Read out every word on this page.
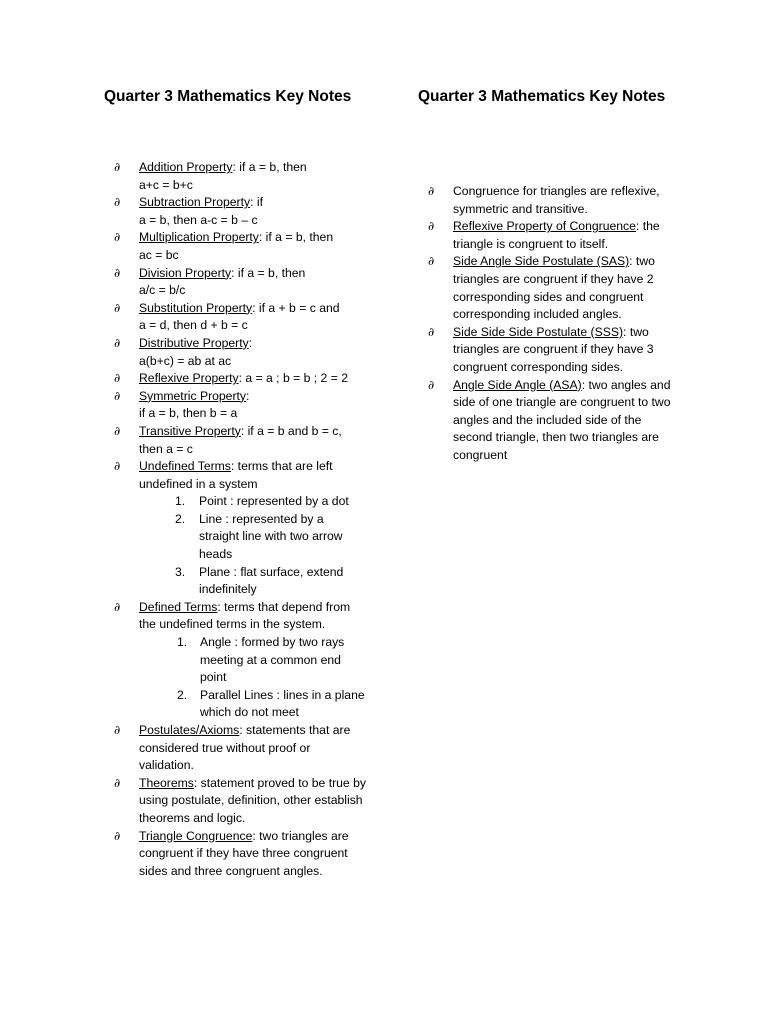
Quarter 3 Mathematics Key Notes
∂ Addition Property: if a = b, then
a+c = b+c
∂ Subtraction Property: if
a = b, then a-c = b – c
∂ Multiplication Property: if a = b, then
ac = bc
∂ Division Property: if a = b, then
a/c = b/c
∂ Substitution Property: if a + b = c and
a = d, then d + b = c
∂ Distributive Property:
a(b+c) = ab at ac
∂ Reflexive Property: a = a ; b = b ; 2 = 2
∂ Symmetric Property:
if a = b, then b = a
∂ Transitive Property: if a = b and b = c,
then a = c
∂ Undefined Terms: terms that are left undefined in a system
1. Point : represented by a dot
2. Line : represented by a straight line with two arrow heads
3. Plane : flat surface, extend indefinitely
∂ Defined Terms: terms that depend from the undefined terms in the system.
1. Angle : formed by two rays meeting at a common end point
2. Parallel Lines : lines in a plane which do not meet
∂ Postulates/Axioms: statements that are considered true without proof or validation.
∂ Theorems: statement proved to be true by using postulate, definition, other establish theorems and logic.
∂ Triangle Congruence: two triangles are congruent if they have three congruent sides and three congruent angles.
Quarter 3 Mathematics Key Notes
∂ Congruence for triangles are reflexive, symmetric and transitive.
∂ Reflexive Property of Congruence: the triangle is congruent to itself.
∂ Side Angle Side Postulate (SAS): two triangles are congruent if they have 2 corresponding sides and congruent corresponding included angles.
∂ Side Side Side Postulate (SSS): two triangles are congruent if they have 3 congruent corresponding sides.
∂ Angle Side Angle (ASA): two angles and side of one triangle are congruent to two angles and the included side of the second triangle, then two triangles are congruent
